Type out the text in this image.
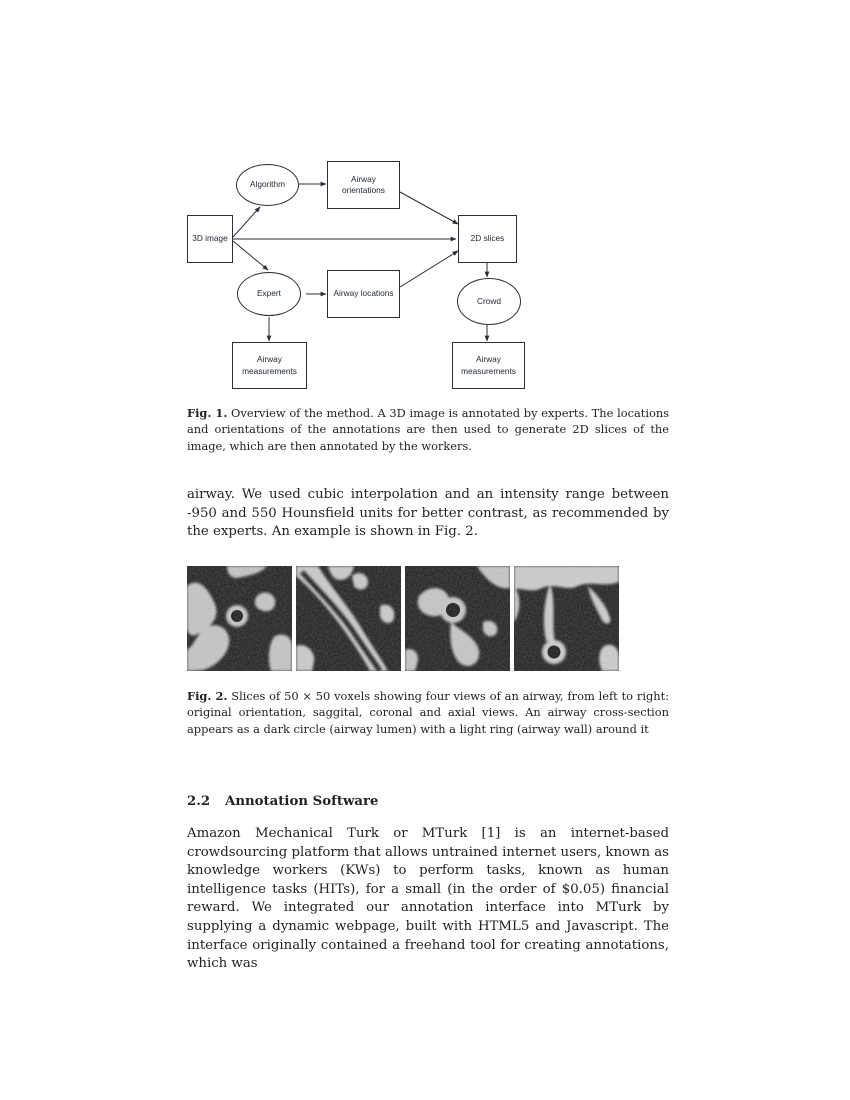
3D image
Algorithm
Airway
orientations
2D slices
Expert	Airway locations
Crowd
Airway
measurements
Airway
measurements
Fig. 1. Overview of the method. A 3D image is annotated by experts. The locations and orientations of the annotations are then used to generate 2D slices of the image, which are then annotated by the workers.
airway. We used cubic interpolation and an intensity range between -950 and 550 Hounsfield units for better contrast, as recommended by the experts. An example is shown in Fig. 2.
Fig. 2. Slices of 50 × 50 voxels showing four views of an airway, from left to right: original orientation, saggital, coronal and axial views. An airway cross-section appears as a dark circle (airway lumen) with a light ring (airway wall) around it
2.2 Annotation Software
Amazon Mechanical Turk or MTurk [1] is an internet-based crowdsourcing platform that allows untrained internet users, known as knowledge workers (KWs) to perform tasks, known as human intelligence tasks (HITs), for a small (in the order of $0.05) financial reward. We integrated our annotation interface into MTurk by supplying a dynamic webpage, built with HTML5 and Javascript. The interface originally contained a freehand tool for creating annotations, which was
